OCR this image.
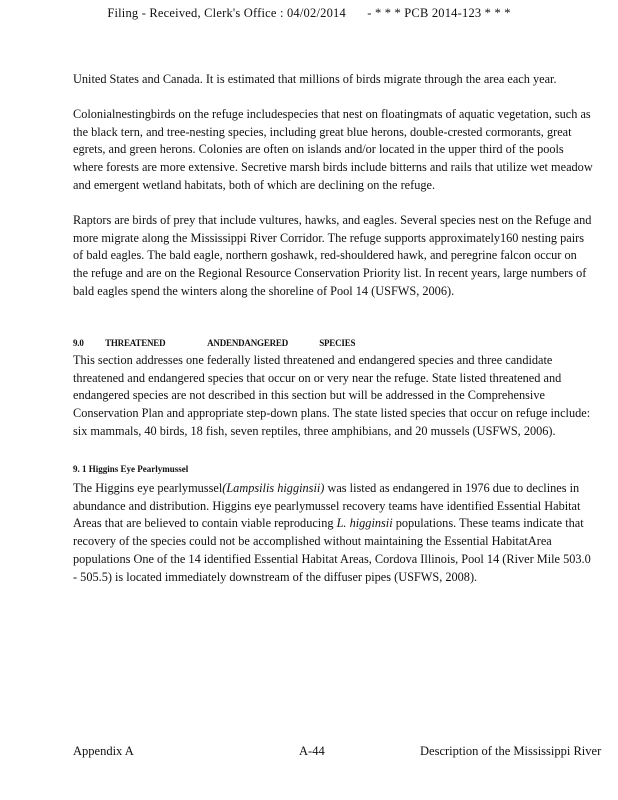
Filing - Received, Clerk's Office : 04/02/2014 - * * * PCB 2014-123 * * *

United States and Canada. It is estimated that millions of birds migrate through the area each year.

Colonialnestingbirds on the refuge includespecies that nest on floatingmats of aquatic vegetation, such as the black tern, and tree-nesting species, including great blue herons, double-crested cormorants, great egrets, and green herons. Colonies are often on islands and/or located in the upper third of the pools where forests are more extensive. Secretive marsh birds include bitterns and rails that utilize wet meadow and emergent wetland habitats, both of which are declining on the refuge.

Raptors are birds of prey that include vultures, hawks, and eagles. Several species nest on the Refuge and more migrate along the Mississippi River Corridor. The refuge supports approximately160 nesting pairs of bald eagles. The bald eagle, northern goshawk, red-shouldered hawk, and peregrine falcon occur on the refuge and are on the Regional Resource Conservation Priority list. In recent years, large numbers of bald eagles spend the winters along the shoreline of Pool 14 (USFWS, 2006).

9.0 THREATENED	ANDENDANGERED	SPECIES

This section addresses one federally listed threatened and endangered species and three candidate threatened and endangered species that occur on or very near the refuge. State listed threatened and endangered species are not described in this section but will be addressed in the Comprehensive Conservation Plan and appropriate step-down plans. The state listed species that occur on refuge include: six mammals, 40 birds, 18 fish, seven reptiles, three amphibians, and 20 mussels (USFWS, 2006).

9. 1 Higgins Eye Pearlymussel

The Higgins eye pearlymussel(Lampsilis higginsii) was listed as endangered in 1976 due to declines in abundance and distribution. Higgins eye pearlymussel recovery teams have identified Essential Habitat Areas that are believed to contain viable reproducing L. higginsii populations. These teams indicate that recovery of the species could not be accomplished without maintaining the Essential HabitatArea populations One of the 14 identified Essential Habitat Areas, Cordova Illinois, Pool 14 (River Mile 503.0 - 505.5) is located immediately downstream of the diffuser pipes (USFWS, 2008).

Appendix A	A-44	Description of the Mississippi River
